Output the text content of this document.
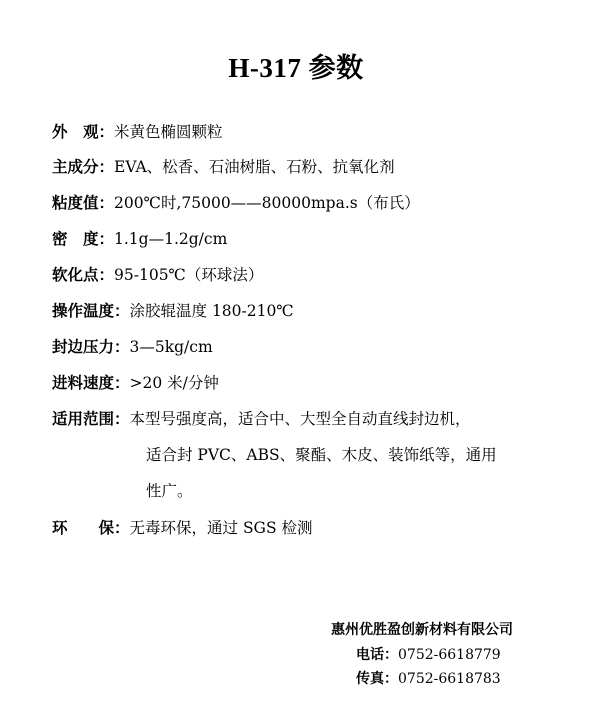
H-317 参数
外　观：米黄色椭圆颗粒
主成分：EVA、松香、石油树脂、石粉、抗氧化剂
粘度值：200℃时,75000——80000mpa.s（布氏）
密　度：1.1g—1.2g/cm
软化点：95-105℃（环球法）
操作温度：涂胶辊温度 180-210℃
封边压力：3—5kg/cm
进料速度：>20 米/分钟
适用范围：本型号强度高，适合中、大型全自动直线封边机，
适合封 PVC、ABS、聚酯、木皮、装饰纸等，通用
性广。
环　　保：无毒环保，通过 SGS 检测
惠州优胜盈创新材料有限公司
电话：0752-6618779
传真：0752-6618783
